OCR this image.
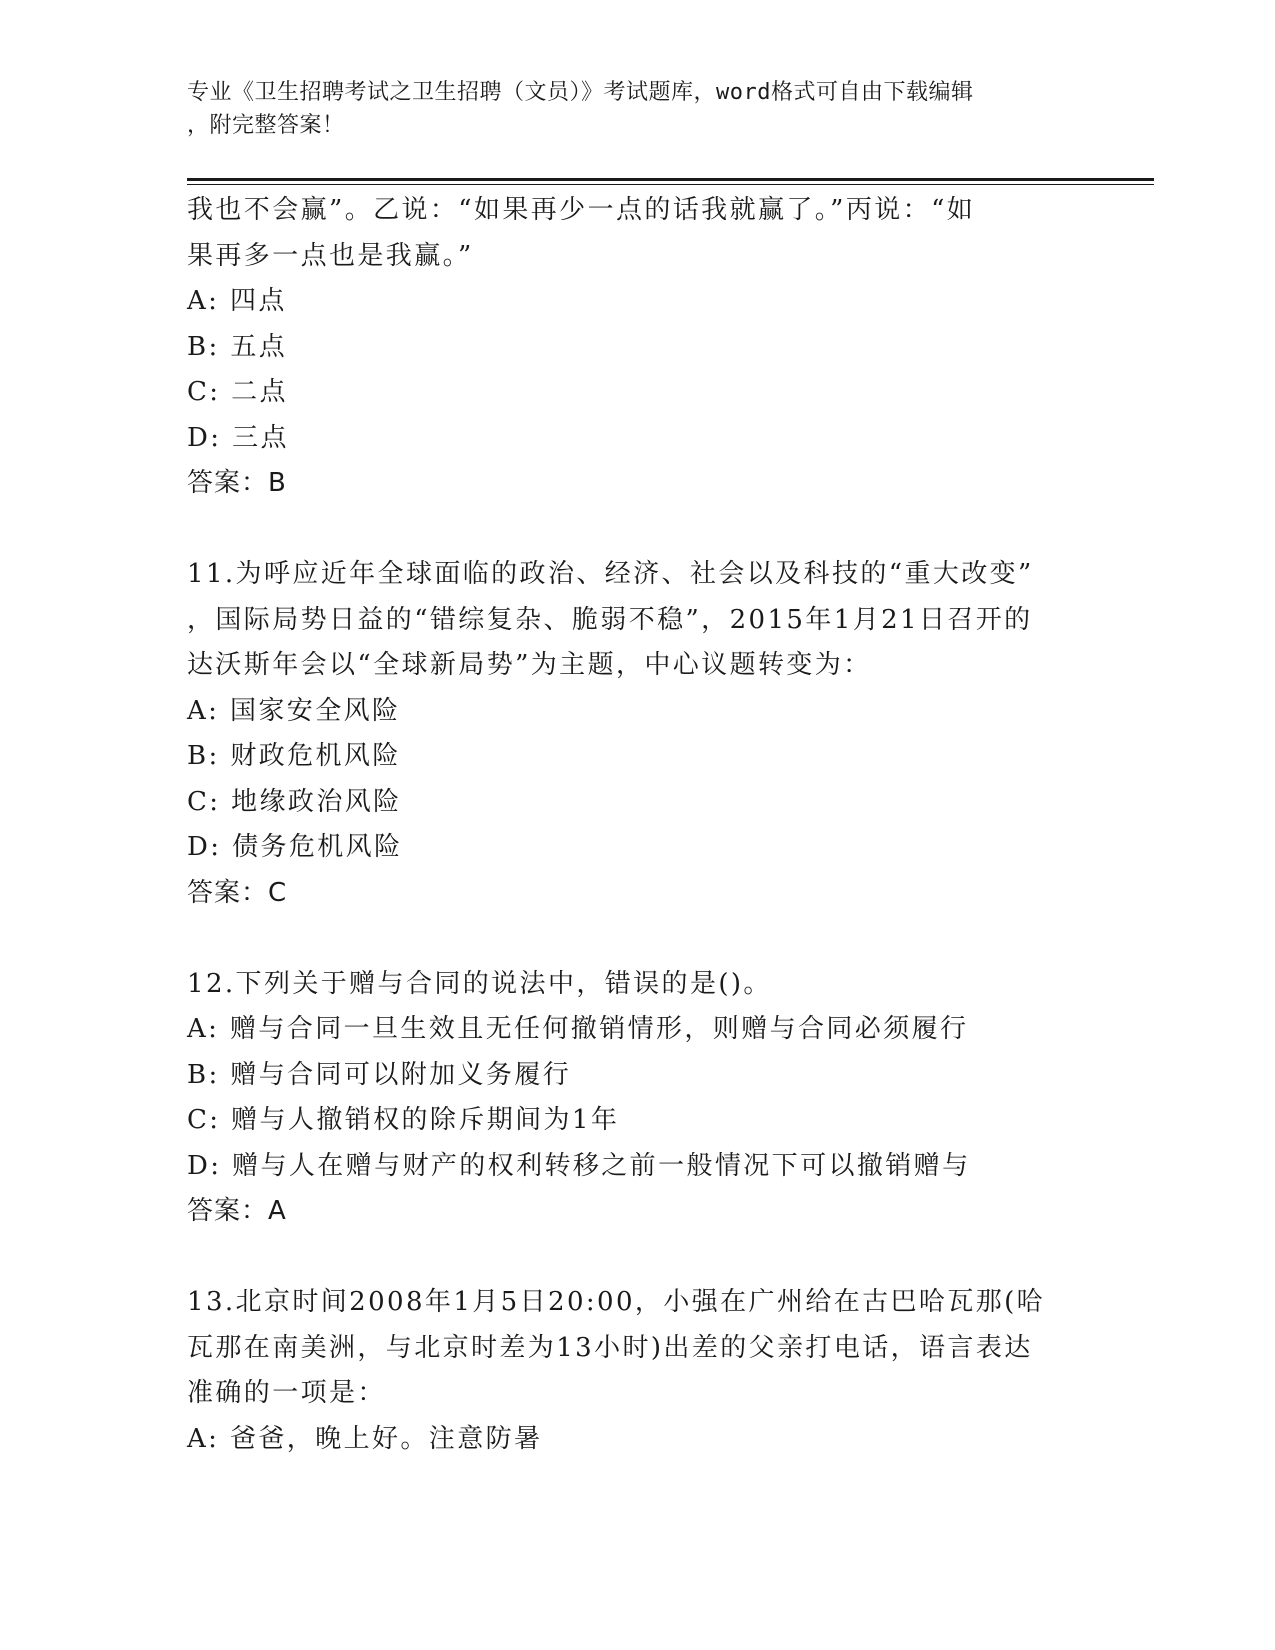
专业《卫生招聘考试之卫生招聘（文员）》考试题库，word格式可自由下载编辑
，附完整答案！
我也不会赢”。乙说：“如果再少一点的话我就赢了。”丙说：“如
果再多一点也是我赢。”
A: 四点
B: 五点
C: 二点
D: 三点
答案：B
11.为呼应近年全球面临的政治、经济、社会以及科技的“重大改变”
，国际局势日益的“错综复杂、脆弱不稳”，2015年1月21日召开的
达沃斯年会以“全球新局势”为主题，中心议题转变为：
A: 国家安全风险
B: 财政危机风险
C: 地缘政治风险
D: 债务危机风险
答案：C
12.下列关于赠与合同的说法中，错误的是()。
A: 赠与合同一旦生效且无任何撤销情形，则赠与合同必须履行
B: 赠与合同可以附加义务履行
C: 赠与人撤销权的除斥期间为1年
D: 赠与人在赠与财产的权利转移之前一般情况下可以撤销赠与
答案：A
13.北京时间2008年1月5日20:00，小强在广州给在古巴哈瓦那(哈
瓦那在南美洲，与北京时差为13小时)出差的父亲打电话，语言表达
准确的一项是：
A: 爸爸，晚上好。注意防暑
